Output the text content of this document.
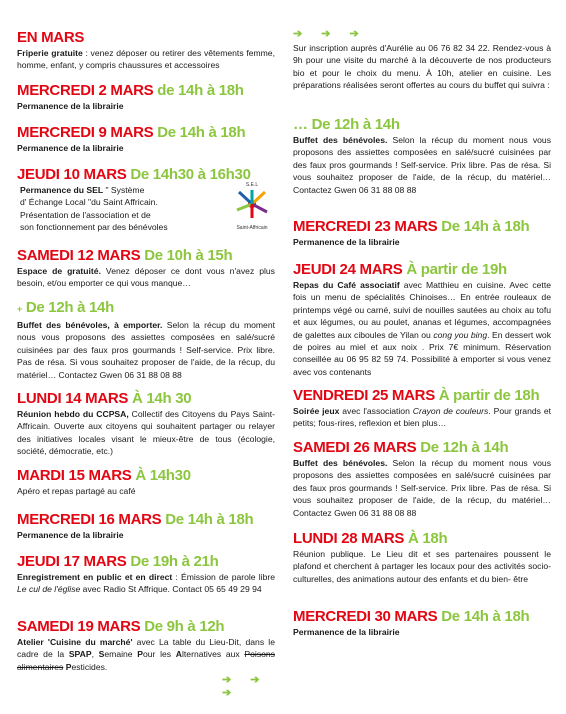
EN MARS
Friperie gratuite : venez déposer ou retirer des vêtements femme, homme, enfant, y compris chaussures et accessoires
MERCREDI 2 MARS de 14h à 18h
Permanence de la librairie
MERCREDI 9 MARS De 14h à 18h
Permanence de la librairie
JEUDI 10 MARS De 14h30 à 16h30
Permanence du SEL " Système
d' Échange Local "du Saint Affricain.
Présentation de l'association et de
son fonctionnement par des bénévoles
S.E.L
Saint-Affricain
SAMEDI 12 MARS De 10h à 15h
Espace de gratuité. Venez déposer ce dont vous n'avez plus besoin, et/ou emporter ce qui vous manque…
+ De 12h à 14h
Buffet des bénévoles, à emporter. Selon la récup du moment nous vous proposons des assiettes composées en salé/sucré cuisinées par des faux pros gourmands ! Self-service. Prix libre. Pas de résa. Si vous souhaitez proposer de l'aide, de la récup, du matériel… Contactez Gwen 06 31 88 08 88
LUNDI 14 MARS À 14h 30
Réunion hebdo du CCPSA, Collectif des Citoyens du Pays Saint-Affricain. Ouverte aux citoyens qui souhaitent partager ou relayer des initiatives locales visant le mieux-être de tous (écologie, société, démocratie, etc.)
MARDI 15 MARS À 14h30
Apéro et repas partagé au café
MERCREDI 16 MARS De 14h à 18h
Permanence de la librairie
JEUDI 17 MARS De 19h à 21h
Enregistrement en public et en direct : Émission de parole libre Le cul de l'église avec Radio St Affrique. Contact 05 65 49 29 94
SAMEDI 19 MARS De 9h à 12h
Atelier 'Cuisine du marché' avec La table du Lieu-Dit, dans le cadre de la SPAP, Semaine Pour les Alternatives aux Poisons alimentaires Pesticides.
➔ ➔ ➔
➔ ➔ ➔
Sur inscription auprès d'Aurélie au 06 76 82 34 22. Rendez-vous à 9h pour une visite du marché à la découverte de nos producteurs bio et pour le choix du menu. À 10h, atelier en cuisine. Les préparations réalisées seront offertes au cours du buffet qui suivra :
… De 12h à 14h
Buffet des bénévoles. Selon la récup du moment nous vous proposons des assiettes composées en salé/sucré cuisinées par des faux pros gourmands ! Self-service. Prix libre. Pas de résa. Si vous souhaitez proposer de l'aide, de la récup, du matériel… Contactez Gwen 06 31 88 08 88
MERCREDI 23 MARS De 14h à 18h
Permanence de la librairie
JEUDI 24 MARS À partir de 19h
Repas du Café associatif avec Matthieu en cuisine. Avec cette fois un menu de spécialités Chinoises… En entrée rouleaux de printemps végé ou carné, suivi de nouilles sautées au choix au tofu et aux légumes, ou au poulet, ananas et légumes, accompagnées de galettes aux ciboules de Yilan ou cong you bing. En dessert wok de poires au miel et aux noix . Prix 7€ minimum. Réservation conseillée au 06 95 82 59 74. Possibilité à emporter si vous venez avec vos contenants
VENDREDI 25 MARS À partir de 18h
Soirée jeux avec l'association Crayon de couleurs. Pour grands et petits; fous-rires, reflexion et bien plus…
SAMEDI 26 MARS De 12h à 14h
Buffet des bénévoles. Selon la récup du moment nous vous proposons des assiettes composées en salé/sucré cuisinées par des faux pros gourmands ! Self-service. Prix libre. Pas de résa. Si vous souhaitez proposer de l'aide, de la récup, du matériel… Contactez Gwen 06 31 88 08 88
LUNDI 28 MARS À 18h
Réunion publique. Le Lieu dit et ses partenaires poussent le plafond et cherchent à partager les locaux pour des activités socio-culturelles, des animations autour des enfants et du bien- être
MERCREDI 30 MARS De 14h à 18h
Permanence de la librairie
